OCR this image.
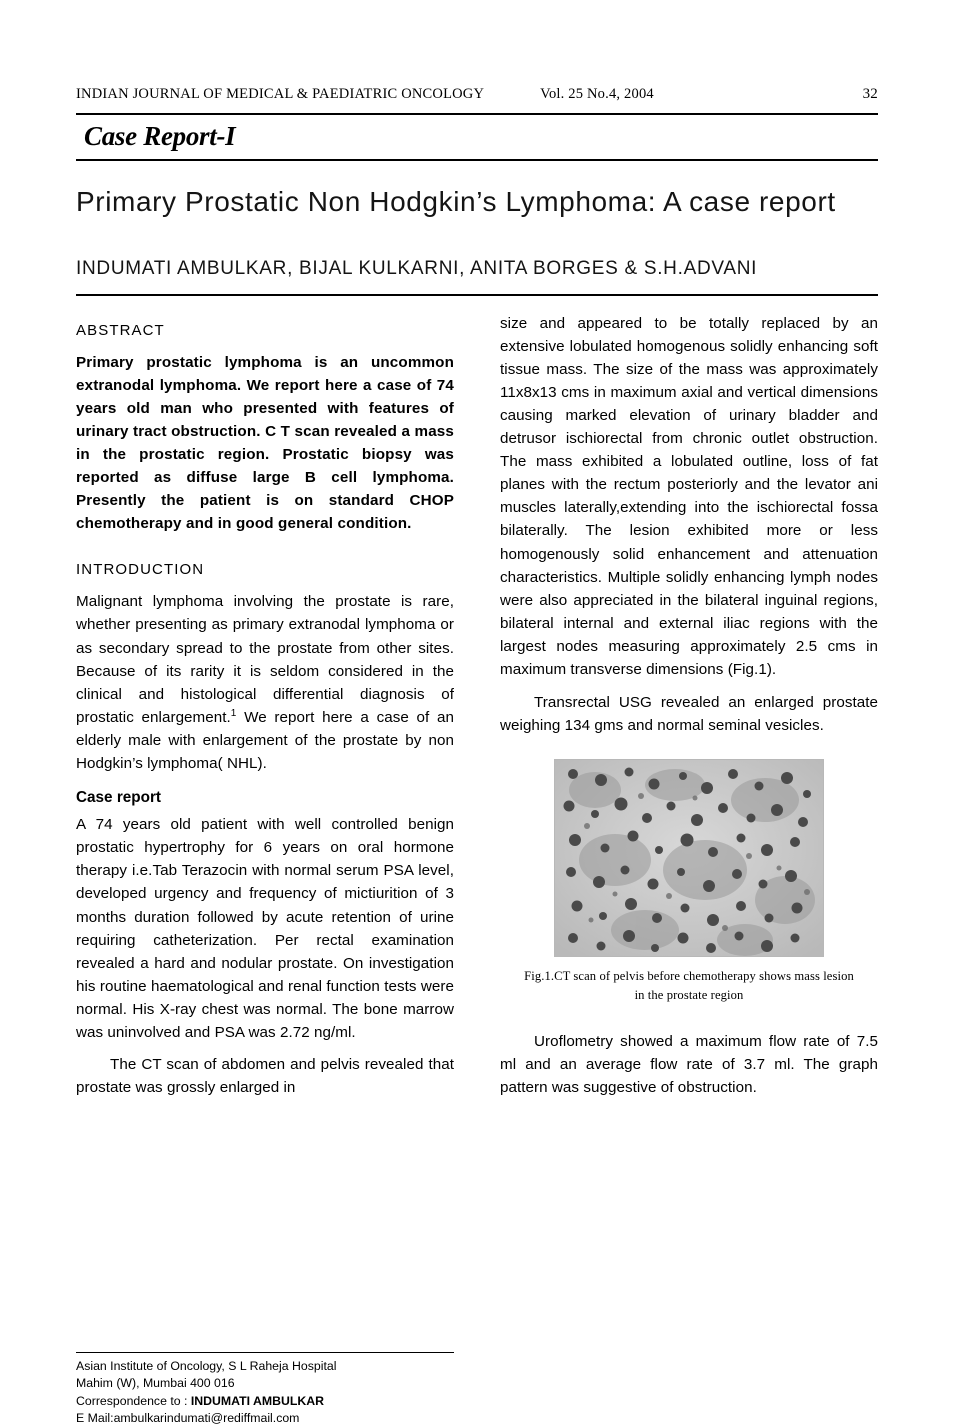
INDIAN JOURNAL OF MEDICAL & PAEDIATRIC ONCOLOGY	Vol. 25 No.4, 2004	32
Case Report-I
Primary Prostatic Non Hodgkin’s Lymphoma: A case report
INDUMATI AMBULKAR, BIJAL KULKARNI, ANITA BORGES & S.H.ADVANI
ABSTRACT
Primary prostatic lymphoma is an uncommon extranodal lymphoma. We report here a case of 74 years old man who presented with features of urinary tract obstruction. C T scan revealed a mass in the prostatic region. Prostatic biopsy was reported as diffuse large B cell lymphoma. Presently the patient is on standard CHOP chemotherapy and in good general condition.
INTRODUCTION

Malignant lymphoma involving the prostate is rare, whether presenting as primary extranodal lymphoma or as secondary spread to the prostate from other sites. Because of its rarity it is seldom considered in the clinical and histological differential diagnosis of prostatic enlargement.$^1$ We report here a case of an elderly male with enlargement of the prostate by non Hodgkin’s lymphoma( NHL).

Case report

A 74 years old patient with well controlled benign prostatic hypertrophy for 6 years on oral hormone therapy i.e.Tab Terazocin with normal serum PSA level, developed urgency and frequency of mictiurition of 3 months duration followed by acute retention of urine requiring catheterization. Per rectal examination revealed a hard and nodular prostate. On investigation his routine haematological and renal function tests were normal. His X-ray chest was normal. The bone marrow was uninvolved and PSA was 2.72 ng/ml.

The CT scan of abdomen and pelvis revealed that prostate was grossly enlarged in

Asian Institute of Oncology, S L Raheja Hospital

Mahim (W), Mumbai 400 016

Correspondence to : INDUMATI AMBULKAR

E Mail:ambulkarindumati@rediffmail.com

size and appeared to be totally replaced by an extensive lobulated homogenous solidly enhancing soft tissue mass. The size of the mass was approximately 11x8x13 cms in maximum axial and vertical dimensions causing marked elevation of urinary bladder and detrusor ischiorectal from chronic outlet obstruction. The mass exhibited a lobulated outline, loss of fat planes with the rectum posteriorly and the levator ani muscles laterally,extending into the ischiorectal fossa bilaterally. The lesion exhibited more or less homogenously solid enhancement and attenuation characteristics. Multiple solidly enhancing lymph nodes were also appreciated in the bilateral inguinal regions, bilateral internal and external iliac regions with the largest nodes measuring approximately 2.5 cms in maximum transverse dimensions (Fig.1).

Transrectal USG revealed an enlarged prostate weighing 134 gms and normal seminal vesicles.

Fig.1.CT scan of pelvis before chemotherapy shows mass lesion in the prostate region

Uroflometry showed a maximum flow rate of 7.5 ml and an average flow rate of 3.7 ml. The graph pattern was suggestive of obstruction.
